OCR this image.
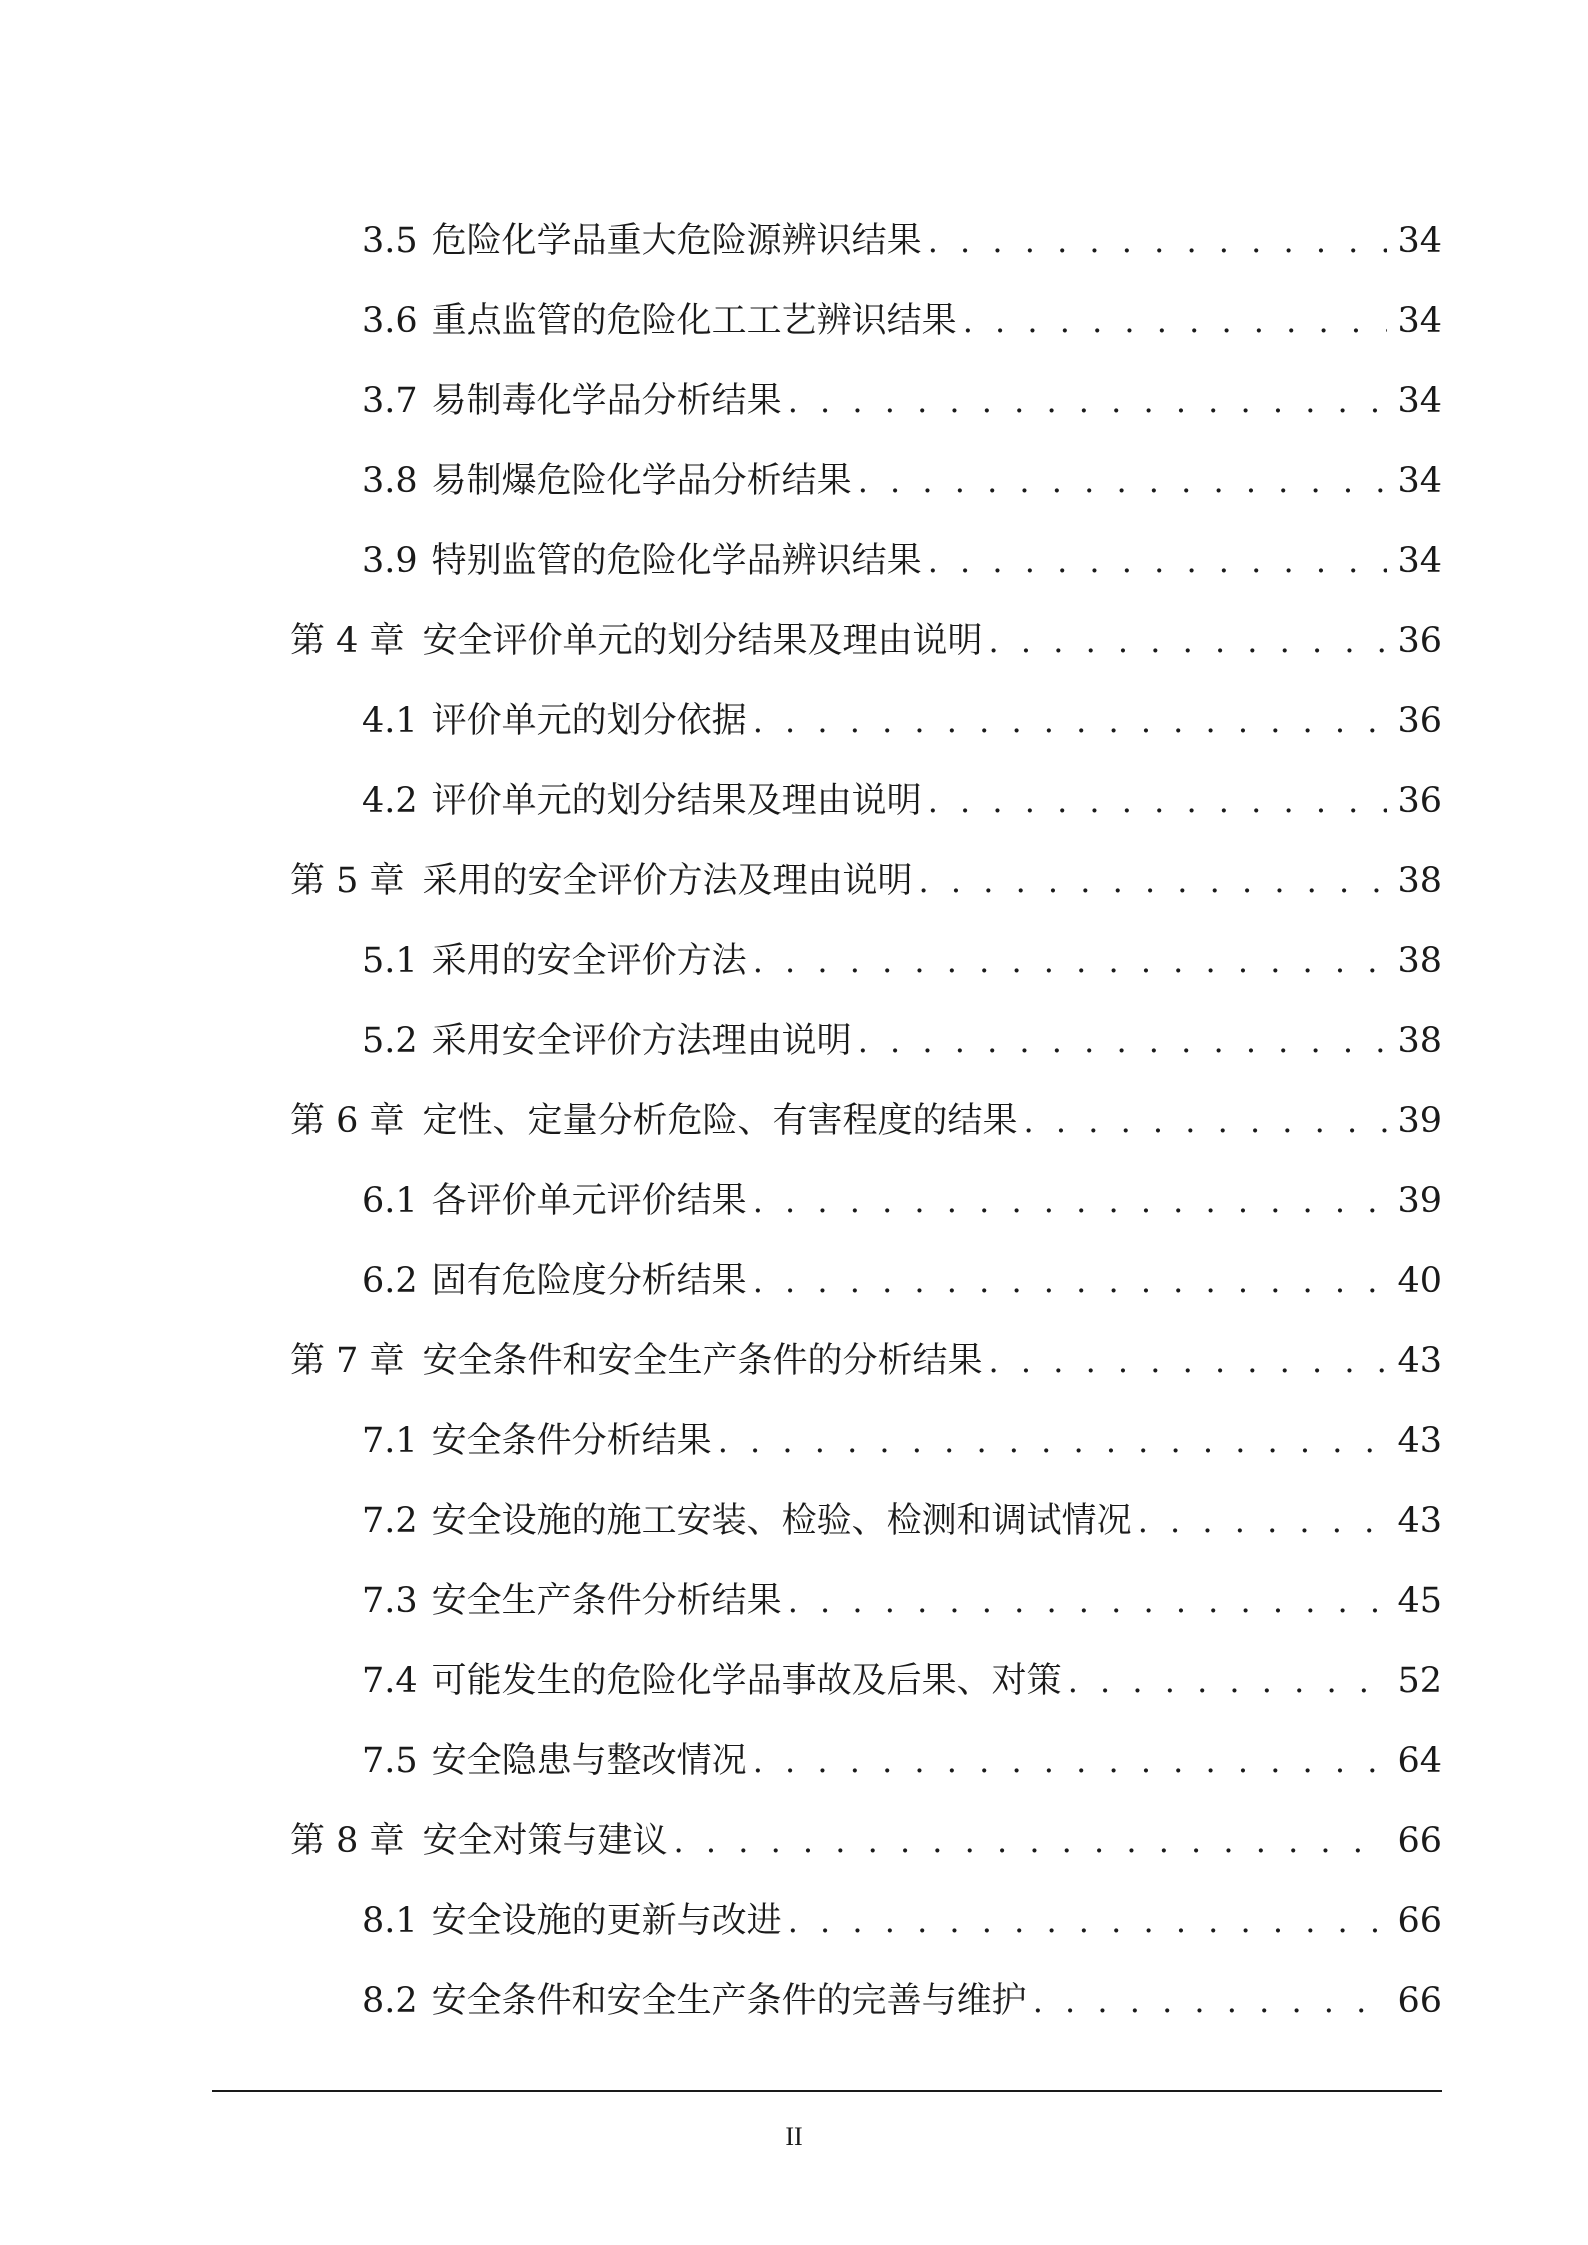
3.5 危险化学品重大危险源辨识结果 . . .	34
3.6 重点监管的危险化工工艺辨识结果 . . .	34
3.7 易制毒化学品分析结果 . . .	34
3.8 易制爆危险化学品分析结果 . . .	34
3.9 特别监管的危险化学品辨识结果 . . .	34
第 4 章 安全评价单元的划分结果及理由说明 . . .	36
4.1 评价单元的划分依据 . . .	36
4.2 评价单元的划分结果及理由说明 . . .	36
第 5 章 采用的安全评价方法及理由说明 . . .	38
5.1 采用的安全评价方法 . . .	38
5.2 采用安全评价方法理由说明 . . .	38
第 6 章 定性、定量分析危险、有害程度的结果 . . .	39
6.1 各评价单元评价结果 . . .	39
6.2 固有危险度分析结果 . . .	40
第 7 章 安全条件和安全生产条件的分析结果 . . .	43
7.1 安全条件分析结果 . . .	43
7.2 安全设施的施工安装、检验、检测和调试情况 . . .	43
7.3 安全生产条件分析结果 . . .	45
7.4 可能发生的危险化学品事故及后果、对策 . . .	52
7.5 安全隐患与整改情况 . . .	64
第 8 章 安全对策与建议 . . .	66
8.1 安全设施的更新与改进 . . .	66
8.2 安全条件和安全生产条件的完善与维护 . . .	66
II
